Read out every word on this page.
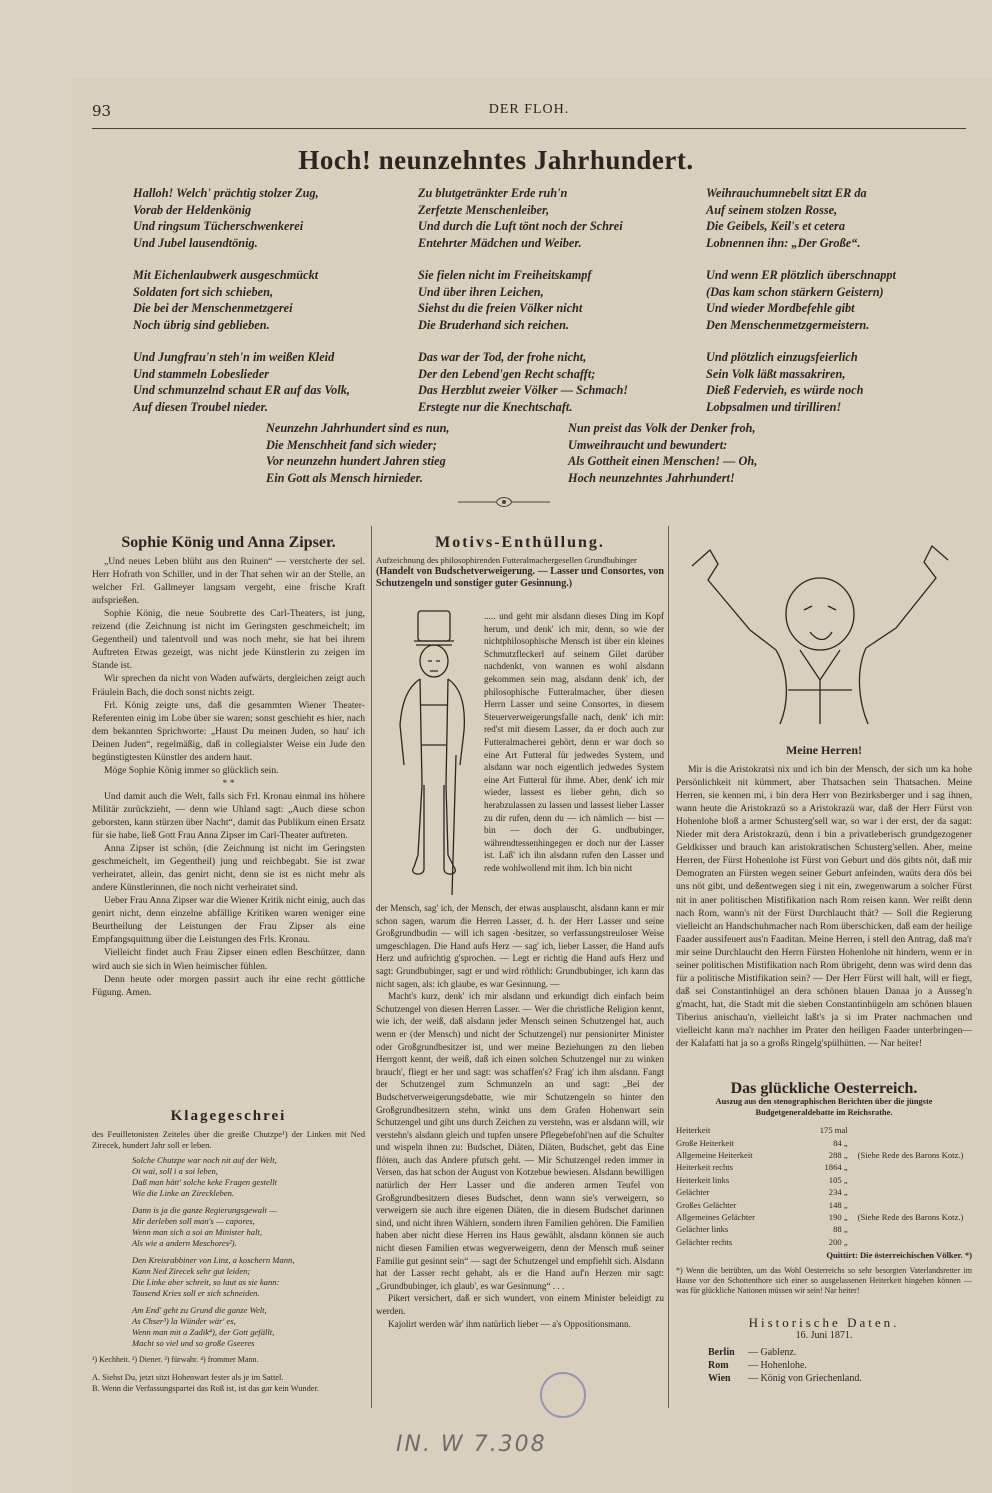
93	DER FLOH.
Hoch! neunzehntes Jahrhundert.
Halloh! Welch' prächtig stolzer Zug,
Vorab der Heldenkönig
Und ringsum Tücherschwenkerei
Und Jubel lausendtönig.
Mit Eichenlaubwerk ausgeschmückt
Soldaten fort sich schieben,
Die bei der Menschenmetzgerei
Noch übrig sind geblieben.
Und Jungfrau'n steh'n im weißen Kleid
Und stammeln Lobeslieder
Und schmunzelnd schaut ER auf das Volk,
Auf diesen Troubel nieder.
Zu blutgetränkter Erde ruh'n
Zerfetzte Menschenleiber,
Und durch die Luft tönt noch der Schrei
Entehrter Mädchen und Weiber.
Sie fielen nicht im Freiheitskampf
Und über ihren Leichen,
Siehst du die freien Völker nicht
Die Bruderhand sich reichen.
Das war der Tod, der frohe nicht,
Der den Lebend'gen Recht schafft;
Das Herzblut zweier Völker — Schmach!
Erstegte nur die Knechtschaft.
Weihrauchumnebelt sitzt ER da
Auf seinem stolzen Rosse,
Die Geibels, Keil's et cetera
Lobnennen ihn: „Der Große“.
Und wenn ER plötzlich überschnappt
(Das kam schon stärkern Geistern)
Und wieder Mordbefehle gibt
Den Menschenmetzgermeistern.
Und plötzlich einzugsfeierlich
Sein Volk läßt massakriren,
Dieß Federvieh, es würde noch
Lobpsalmen und tirilliren!
Neunzehn Jahrhundert sind es nun,
Die Menschheit fand sich wieder;
Vor neunzehn hundert Jahren stieg
Ein Gott als Mensch hirnieder.
Nun preist das Volk der Denker froh,
Umweihraucht und bewundert:
Als Gottheit einen Menschen! — Oh,
Hoch neunzehntes Jahrhundert!
Sophie König und Anna Zipser.

„Und neues Leben blüht aus den Ruinen“ — verstcherte der sel. Herr Hofrath von Schiller, und in der That sehen wir an der Stelle, an welcher Frl. Gallmeyer langsam vergeht, eine frische Kraft aufsprießen.

Sophie König, die neue Soubrette des Carl-Theaters, ist jung, reizend (die Zeichnung ist nicht im Geringsten geschmeichelt; im Gegentheil) und talentvoll und was noch mehr, sie hat bei ihrem Auftreten Etwas gezeigt, was nicht jede Künstlerin zu zeigen im Stande ist.

Wir sprechen da nicht von Waden aufwärts, dergleichen zeigt auch Fräulein Bach, die doch sonst nichts zeigt.

Frl. König zeigte uns, daß die gesammten Wiener Theater-Referenten einig im Lobe über sie waren; sonst geschieht es hier, nach dem bekannten Sprichworte: „Haust Du meinen Juden, so hau' ich Deinen Juden“, regelmäßig, daß in collegialster Weise ein Jude den begünstigtesten Künstler des andern haut.

Möge Sophie König immer so glücklich sein.

* *

Und damit auch die Welt, falls sich Frl. Kronau einmal ins höhere Militär zurückzieht, — denn wie Uhland sagt: „Auch diese schon geborsten, kann stürzen über Nacht“, damit das Publikum einen Ersatz für sie habe, ließ Gott Frau Anna Zipser im Carl-Theater auftreten.

Anna Zipser ist schön, (die Zeichnung ist nicht im Geringsten geschmeichelt, im Gegentheil) jung und reichbegabt. Sie ist zwar verheiratet, allein, das genirt nicht, denn sie ist es nicht mehr als andere Künstlerinnen, die noch nicht verheiratet sind.

Ueber Frau Anna Zipser war die Wiener Kritik nicht einig, auch das genirt nicht, denn einzelne abfällige Kritiken waren weniger eine Beurtheilung der Leistungen der Frau Zipser als eine Empfangsquittung über die Leistungen des Frls. Kronau.

Vielleicht findet auch Frau Zipser einen edlen Beschützer, dann wird auch sie sich in Wien heimischer fühlen.

Denn heute oder morgen passirt auch ihr eine recht göttliche Fügung. Amen.

Klagegeschrei
des Feuilletonisten Zeiteles über die greiße Chutzpe¹) der Linken mit Ned Zirecek, hundert Jahr soll er leben.
Solche Chutzpe war noch nit auf der Welt,
Oi wai, soll i a soi leben,
Daß man hätt' solche keke Fragen gestellt
Wie die Linke an Zireckleben.
Dann is ja die ganze Regierungsgewalt —
Mir derleben soll man's — capores,
Wenn man sich a soi an Minister halt,
Als wie a andern Meschores²).
Den Kreisrabbiner von Linz, a koschern Mann,
Kann Ned Zirecek sehr gut leiden;
Die Linke aber schreit, so laut as sie kann:
Tausend Kries soll er sich schneiden.
Am End' geht zu Grund die ganze Welt,
As Chser³) la Wünder wär' es,
Wenn man mit a Zadik⁴), der Gott gefällt,
Macht so viel und so große Gseeres
¹) Kechheit. ²) Diener. ³) fürwahr. ⁴) frommer Mann.
A. Siehst Du, jetzt sitzt Hohenwart fester als je im Sattel.
B. Wenn die Verfassungspartei das Roß ist, ist das gar kein Wunder.
Motivs-Enthüllung.
Aufzeichnung des philosophirenden Futteralmachergesellen Grundbubinger
(Handelt von Budschetverweigerung. — Lasser und Consortes, von Schutzengeln und sonstiger guter Gesinnung.)
..... und geht mir alsdann dieses Ding im Kopf herum, und denk' ich mir, denn, so wie der nichtphilosophische Mensch ist über ein kleines Schmutzfleckerl auf seinem Gilet darüber nachdenkt, von wannen es wohl alsdann gekommen sein mag, alsdann denk' ich, der philosophische Futteralmacher, über diesen Herrn Lasser und seine Consortes, in diesem Steuerverweigerungsfalle nach, denk' ich mir: red'st mit diesem Lasser, da er doch auch zur Futteralmacherei gehört, denn er war doch so eine Art Futteral für jedwedes System, und alsdann war noch eigentlich jedwedes System eine Art Futteral für ihme. Aber, denk' ich mir wieder, lassest es lieber gehn, dich so herabzulassen zu lassen und lassest lieber Lasser zu dir rufen, denn du — ich nämlich — bist — bin — doch der G. undbubinger, währendtessenhingegen er doch nur der Lasser ist. Laß' ich ihn alsdann rufen den Lasser und rede wohlwollend mit ihm. Ich bin nicht

der Mensch, sag' ich, der Mensch, der etwas ausplauscht, alsdann kann er mir schon sagen, warum die Herren Lasser, d. h. der Herr Lasser und seine Großgrundbudin — will ich sagen -besitzer, so verfassungstreuloser Weise umgeschlagen. Die Hand aufs Herz — sag' ich, lieber Lasser, die Hand aufs Herz und aufrichtig g'sprochen. — Legt er richtig die Hand aufs Herz und sagt: Grundbubinger, sagt er und wird röthlich: Grundbubinger, ich kann das nicht sagen, als: ich glaube, es war Gesinnung. —

Macht's kurz, denk' ich mir alsdann und erkundigt dich einfach beim Schutzengel von diesen Herren Lasser. — Wer die christliche Religion kennt, wie ich, der weiß, daß alsdann jeder Mensch seinen Schutzengel hat, auch wenn er (der Mensch) und nicht der Schutzengel) nur pensionirter Minister oder Großgrundbesitzer ist, und wer meine Beziehungen zu den lieben Herrgott kennt, der weiß, daß ich einen solchen Schutzengel nur zu winken brauch', fliegt er her und sagt: was schaffen's? Frag' ich ihm alsdann. Fangt der Schutzengel zum Schmunzeln an und sagt: „Bei der Budschetverweigerungsdebatte, wie mir Schutzengeln so hinter den Großgrundbesitzern stehn, winkt uns dem Grafen Hohenwart sein Schutzengel und gibt uns durch Zeichen zu verstehn, was er alsdann will, wir verstehn's alsdann gleich und tupfen unsere Pflegebefohl'nen auf die Schulter und wispeln ihnen zu: Budschet, Diäten, Diäten, Budschet, gebt das Eine flöten, auch das Andere pfutsch geht. — Mir Schutzengel reden immer in Versen, das hat schon der August von Kotzebue bewiesen. Alsdann bewilligen natürlich der Herr Lasser und die anderen armen Teufel von Großgrundbesitzern dieses Budschet, denn wann sie's verweigern, so verweigern sie auch ihre eigenen Diäten, die in diesem Budschet darinnen sind, und nicht ihren Wählern, sondern ihren Familien gehören. Die Familien haben aber nicht diese Herren ins Haus gewählt, alsdann können sie auch nicht diesen Familien etwas wegverweigern, denn der Mensch muß seiner Familie gut gesinnt sein“ — sagt der Schutzengel und empfiehlt sich. Alsdann hat der Lasser recht gehabt, als er die Hand auf'n Herzen mir sagt: „Grundbubinger, ich glaub', es war Gesinnung“ . . .

Pikert versichert, daß er sich wundert, von einem Minister beleidigt zu werden.

Kajolirt werden wär' ihm natürlich lieber — a's Oppositionsmann.

Meine Herren!

Mir is die Aristokratsi nix und ich bin der Mensch, der sich um ka hohe Persönlichkeit nit kümmert, aber Thatsachen sein Thatsachen. Meine Herren, sie kennen mi, i bin dera Herr von Bezirksberger und i sag ihnen, wann heute die Aristokrazü so a Aristokrazü war, daß der Herr Fürst von Hohenlohe bloß a armer Schusterg'sell war, so war i der erst, der da sagat: Nieder mit dera Aristokrazü, denn i bin a privatleberisch grundgezogener Geldkisser und brauch kan aristokratischen Schusterg'sellen. Aber, meine Herren, der Fürst Hohenlohe ist Fürst von Geburt und dös gibts nöt, daß mir Demograten an Fürsten wegen seiner Geburt anfeinden, waüts dera dös bei uns nöt gibt, und deßentwegen sieg i nit ein, zwegenwarum a solcher Fürst nit in aner politischen Mistifikation nach Rom reisen kann. Wer reißt denn nach Rom, wann's nit der Fürst Durchlaucht thät? — Soll die Regierung vielleicht an Handschuhmacher nach Rom überschicken, daß eam der heilige Faader aussifeuert aus'n Faaditan. Meine Herren, i stell den Antrag, daß ma'r mir seine Durchlaucht den Herrn Fürsten Hohenlohe nit hindern, wenn er in seiner politischen Mistifikation nach Rom übrigeht, denn was wird denn das für a politische Mistifikation sein? — Der Herr Fürst will halt, will er fiegt, daß sei Constantinhügel an dera schönen blauen Danaa jo a Ausseg'n g'macht, hat, die Stadt mit die sieben Constantinhügeln am schönen blauen Tiberius anischau'n, vielleicht laßt's ja si im Prater nachmachen und vielleicht kann ma'r nachher im Prater den heiligen Faader unterbringen—der Kalafatti hat ja so a großs Ringelg'spülhütten. — Nar heiter!

Das glückliche Oesterreich.
Auszug aus den stenographischen Berichten über die jüngste Budgetgeneraldebatte im Reichsrathe.
Heiterkeit	175 mal	
Große Heiterkeit	84 „	
Allgemeine Heiterkeit	288 „	(Siehe Rede des Barons Kotz.)
Heiterkeit rechts	1864 „	
Heiterkeit links	105 „	
Gelächter	234 „	
Großes Gelächter	148 „	
Allgemeines Gelächter	190 „	(Siehe Rede des Barons Kotz.)
Gelächter links	88 „	
Gelächter rechts	200 „	
Quittirt: Die österreichischen Völker. *)
*) Wenn die betrübten, um das Wohl Oesterreichs so sehr besorgten Vaterlandsretter im Hause vor den Schottenthore sich einer so ausgelassenen Heiterkeit hingeben können — was für glückliche Nationen müssen wir sein! Nar heiter!
Historische Daten.
16. Juni 1871.
Berlin — Gablenz.
Rom — Hohenlohe.
Wien — König von Griechenland.
IN. W 7.308
